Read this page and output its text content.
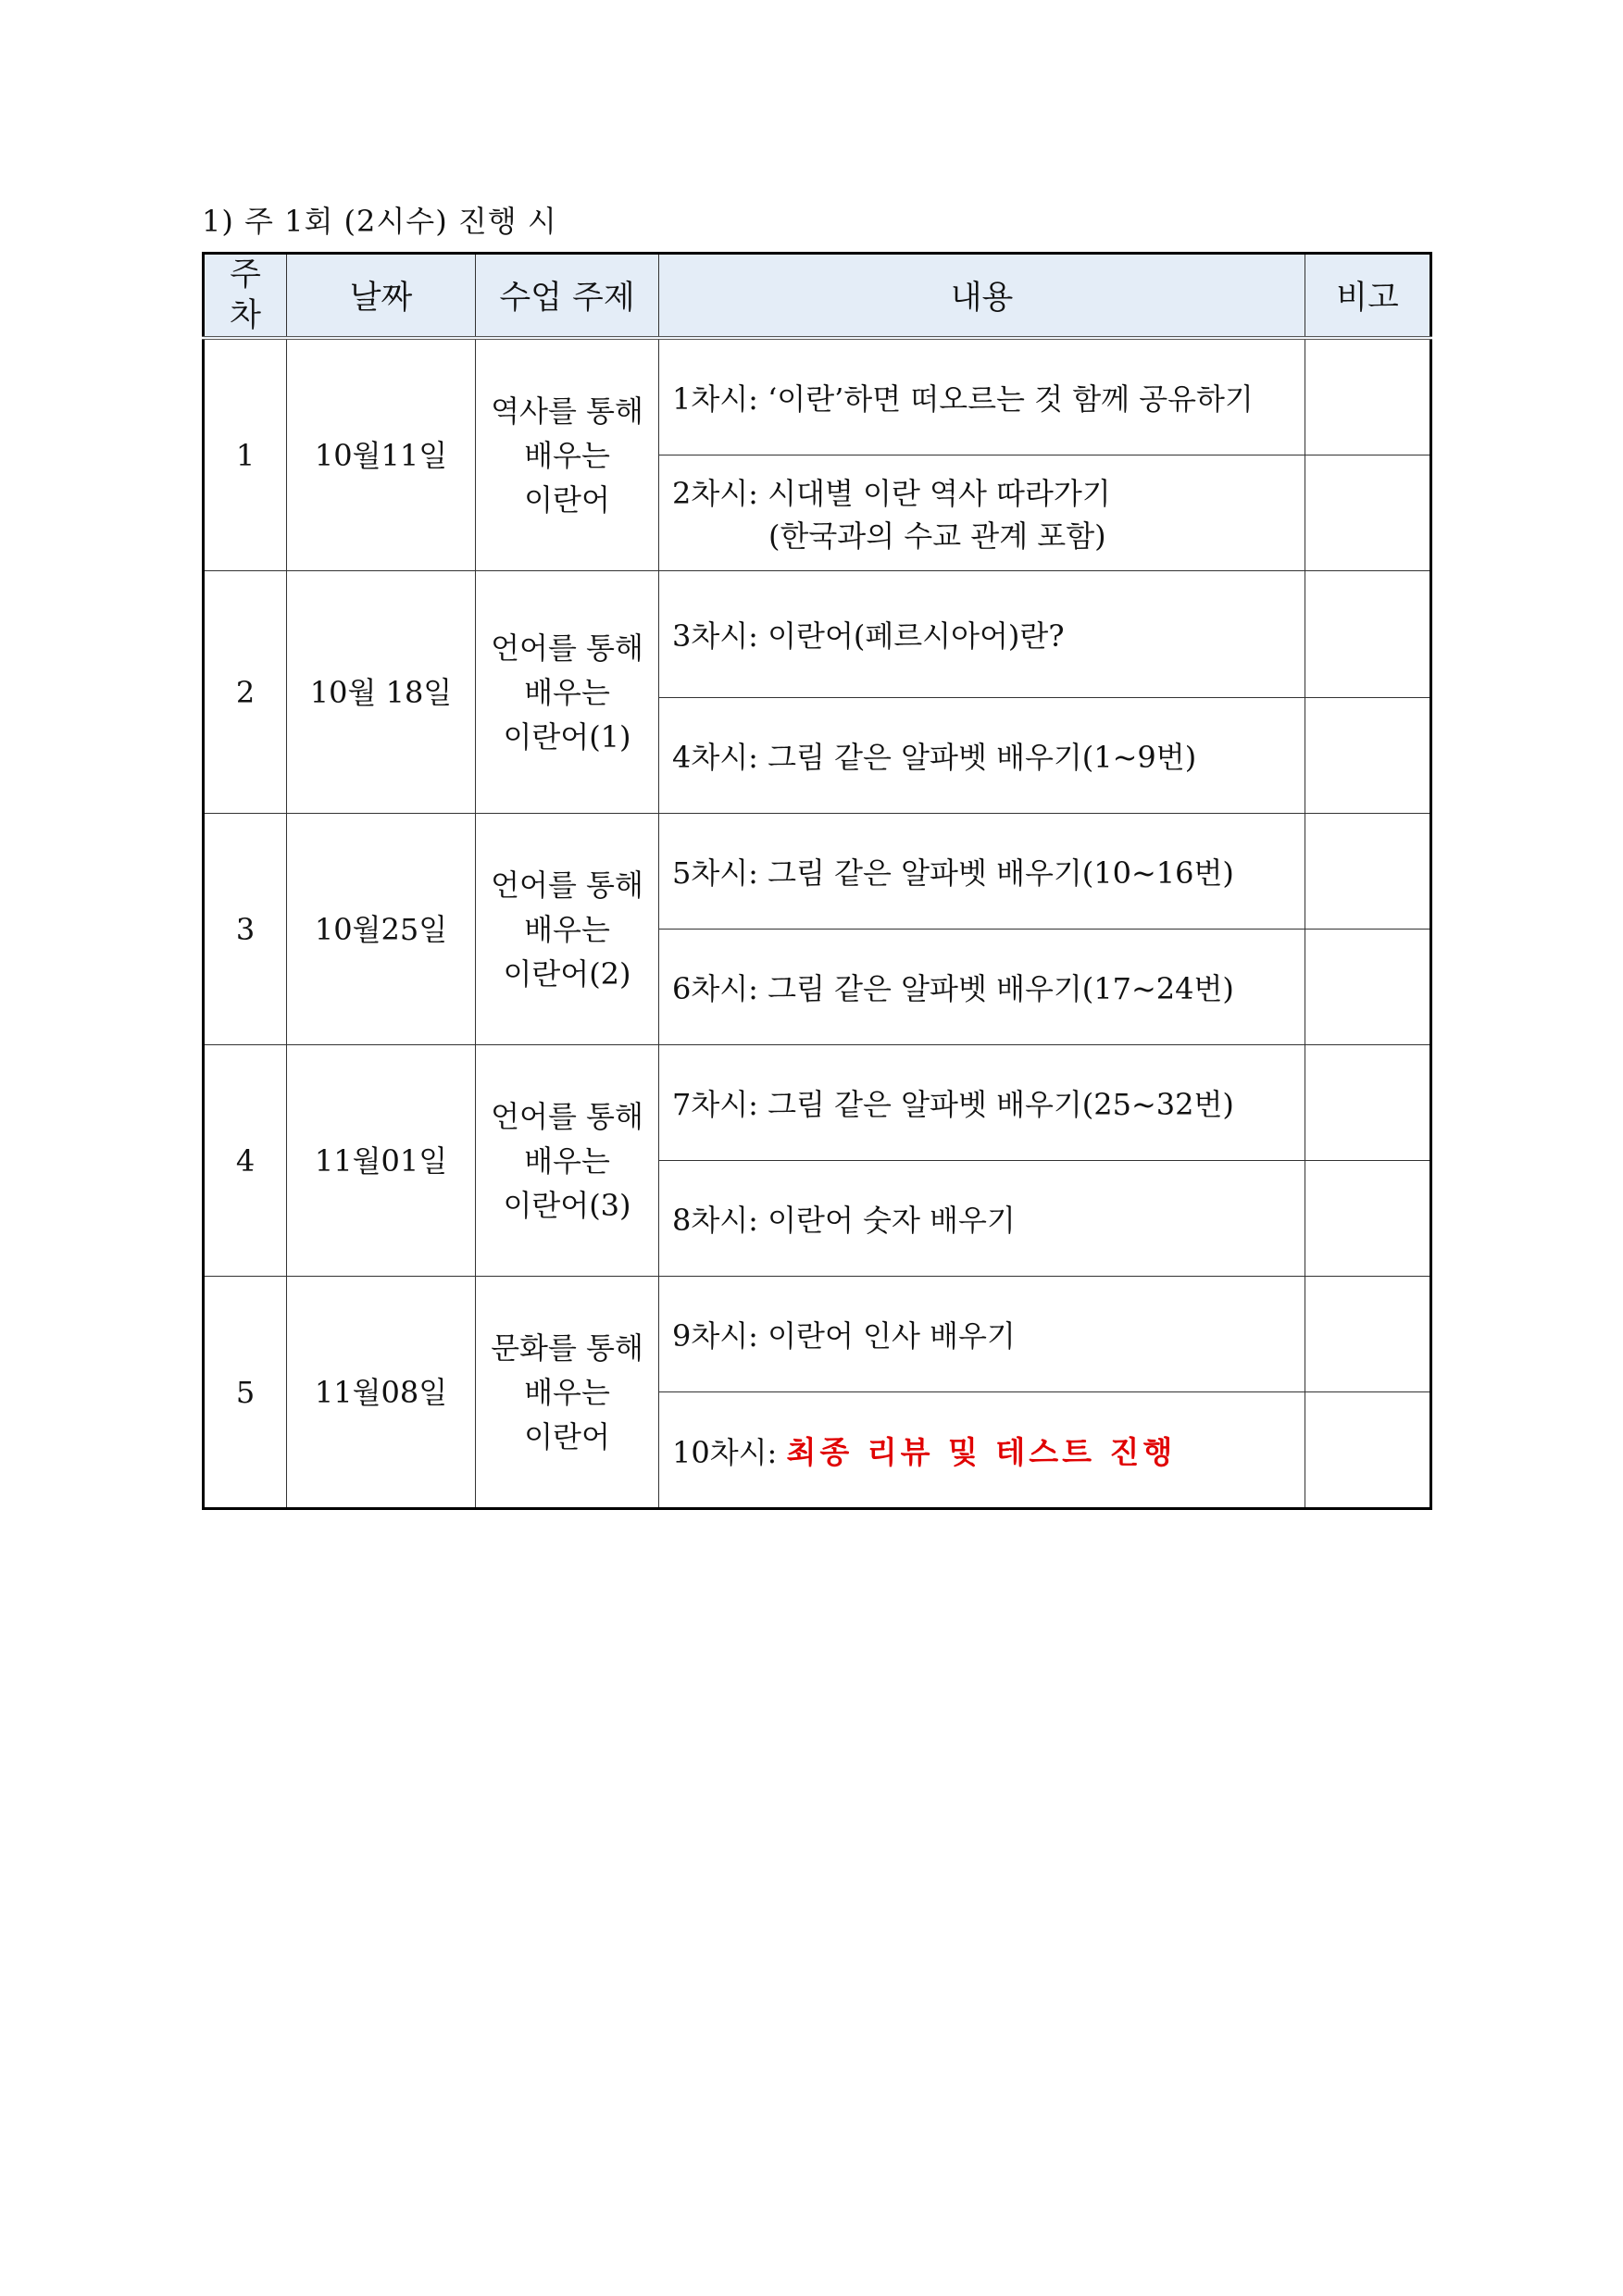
1) 주 1회 (2시수) 진행 시
주
차	날짜	수업 주제	내용	비고
1	10월11일	역사를 통해
배우는
이란어	1차시: ‘이란’하면 떠오르는 것 함께 공유하기	
			2차시: 시대별 이란 역사 따라가기
(한국과의 수교 관계 포함)	

2	10월 18일	언어를 통해
배우는
이란어(1)	3차시: 이란어(페르시아어)란?	
			4차시: 그림 같은 알파벳 배우기(1~9번)	
3	10월25일	언어를 통해
배우는
이란어(2)	5차시: 그림 같은 알파벳 배우기(10~16번)	
			6차시: 그림 같은 알파벳 배우기(17~24번)	
4	11월01일	언어를 통해
배우는
이란어(3)	7차시: 그림 같은 알파벳 배우기(25~32번)	
			8차시: 이란어 숫자 배우기	
5	11월08일	문화를 통해
배우는
이란어	9차시: 이란어 인사 배우기	
			10차시: 최종 리뷰 및 테스트 진행	
